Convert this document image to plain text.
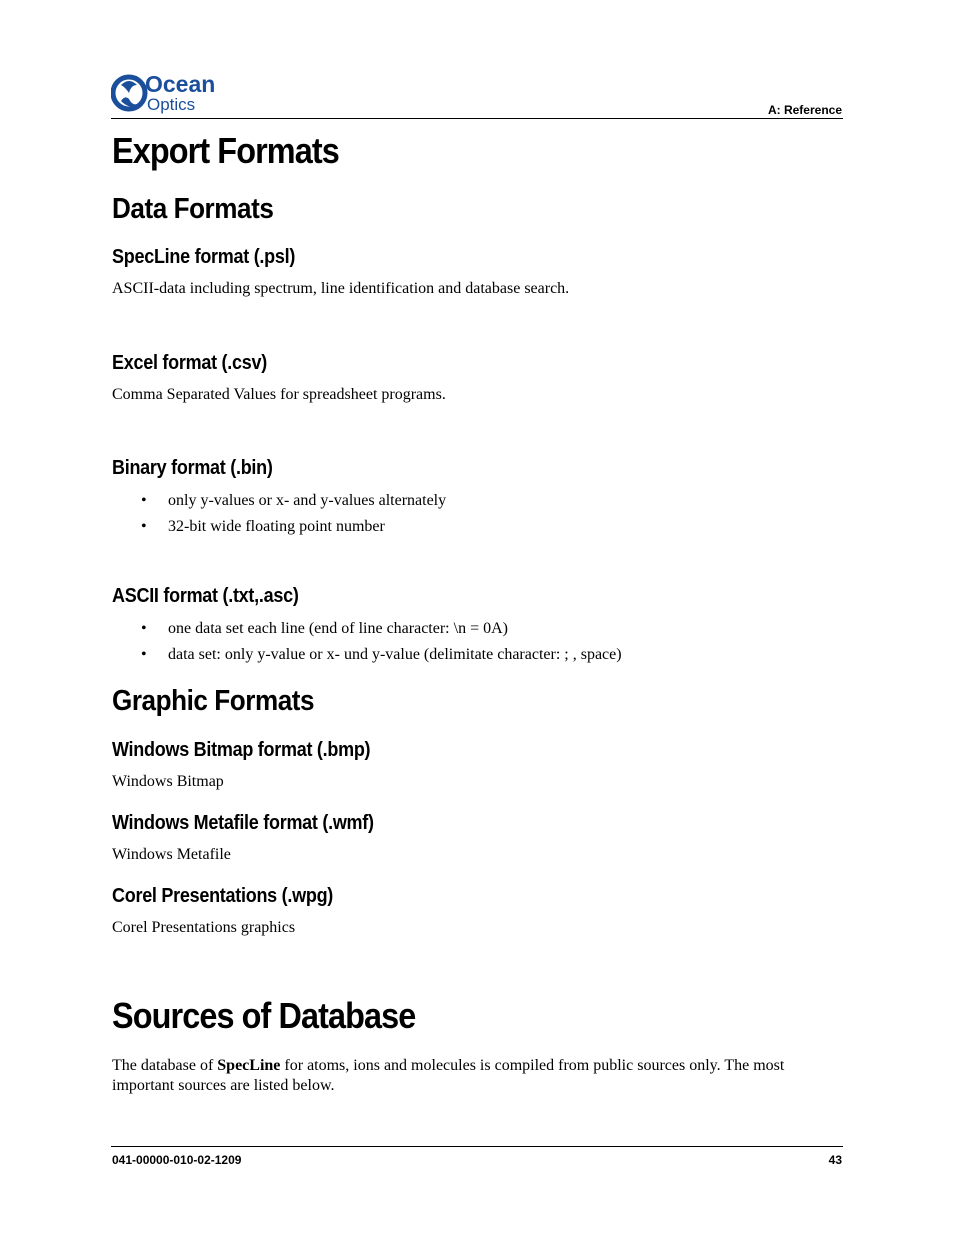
Ocean
Optics	A: Reference
Export Formats
Data Formats
SpecLine format (.psl)
ASCII-data including spectrum, line identification and database search.
Excel format (.csv)
Comma Separated Values for spreadsheet programs.
Binary format (.bin)
• only y-values or x- and y-values alternately
• 32-bit wide floating point number
ASCII format (.txt,.asc)
• one data set each line (end of line character: \n = 0A)
• data set: only y-value or x- und y-value (delimitate character: ; , space)
Graphic Formats
Windows Bitmap format (.bmp)
Windows Bitmap
Windows Metafile format (.wmf)
Windows Metafile
Corel Presentations (.wpg)
Corel Presentations graphics
Sources of Database
The database of SpecLine for atoms, ions and molecules is compiled from public sources only. The most important sources are listed below.
041-00000-010-02-1209	43
